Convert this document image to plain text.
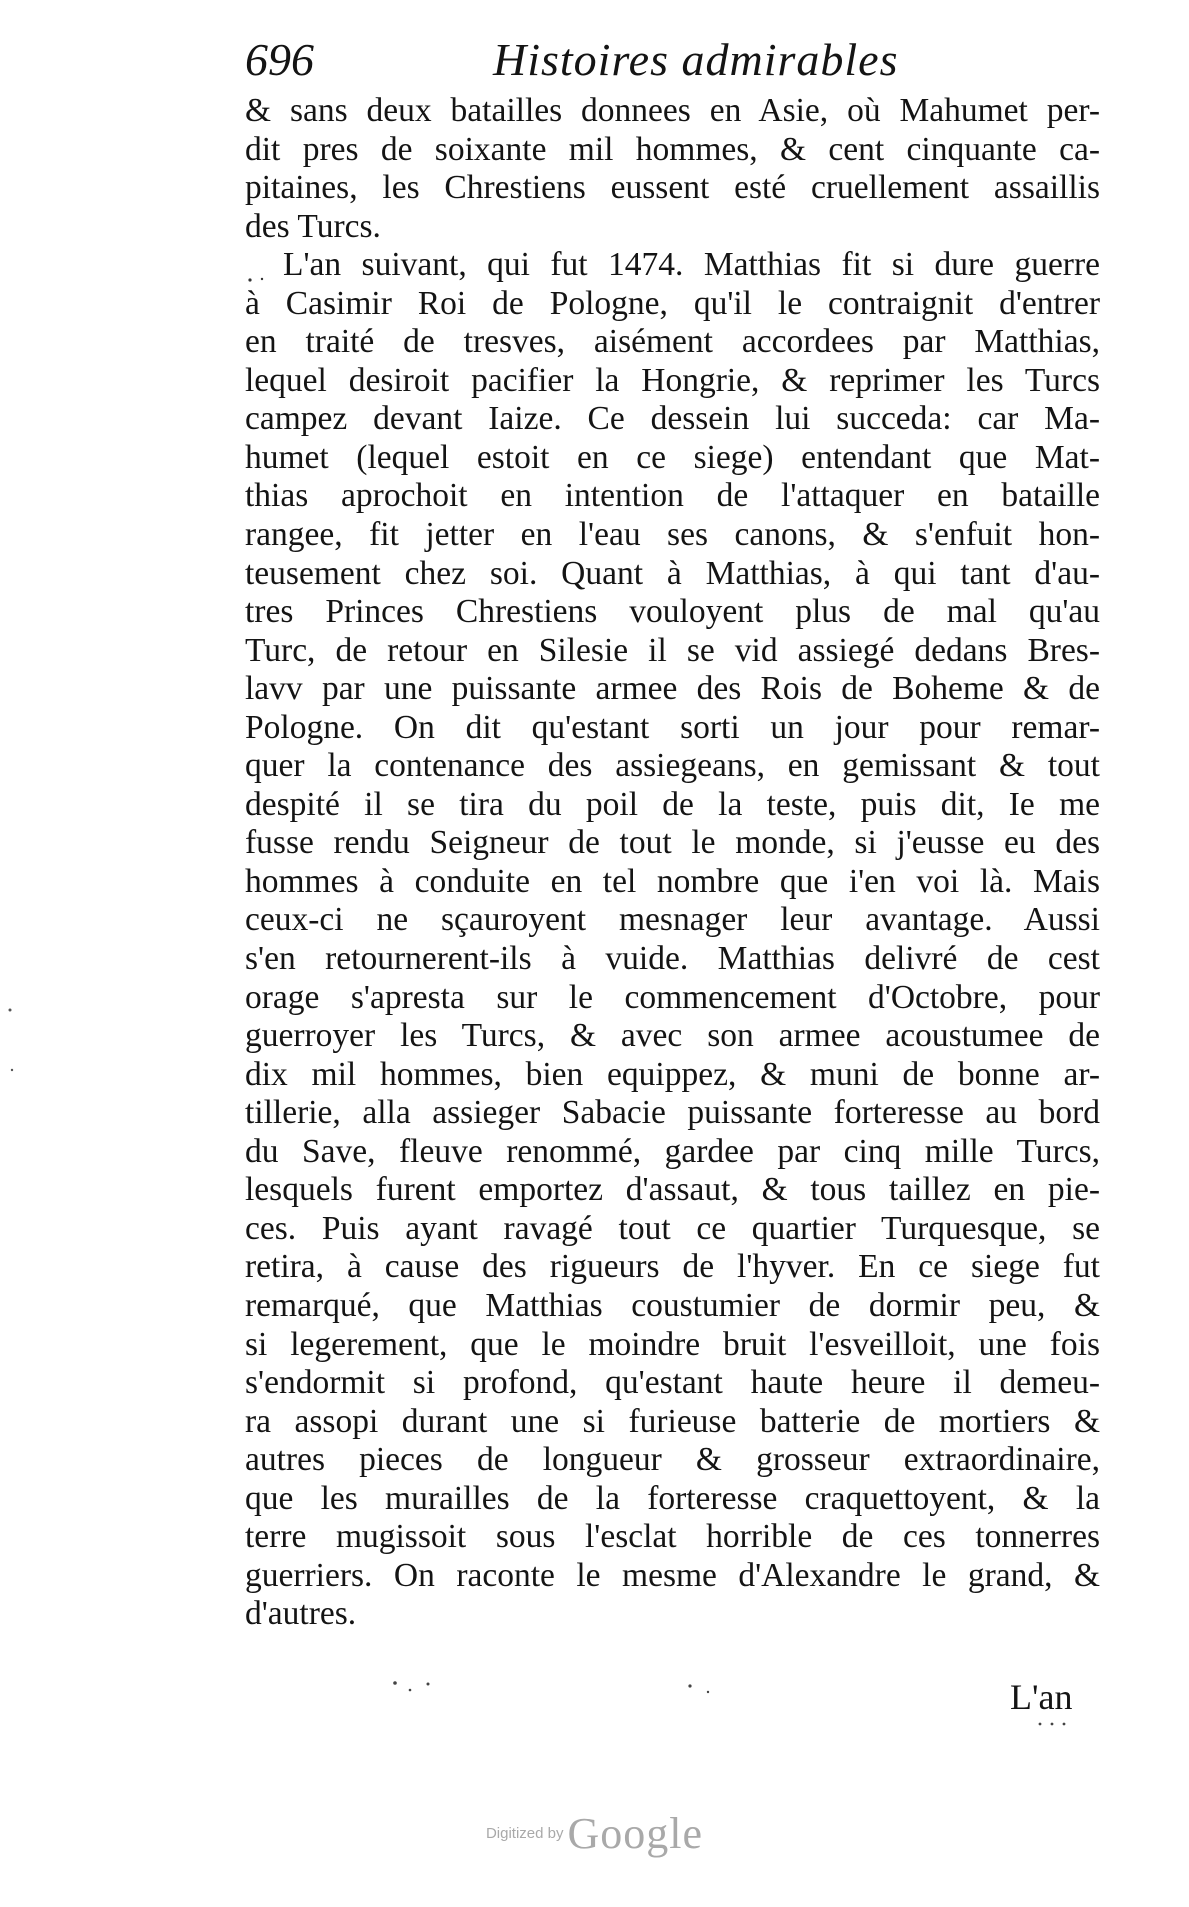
696	Histoires admirables
& sans deux batailles donnees en Asie, où Mahumet per-
dit pres de soixante mil hommes, & cent cinquante ca-
pitaines, les Chrestiens eussent esté cruellement assaillis
des Turcs.
L'an suivant, qui fut 1474. Matthias fit si dure guerre
à Casimir Roi de Pologne, qu'il le contraignit d'entrer
en traité de tresves, aisément accordees par Matthias,
lequel desiroit pacifier la Hongrie, & reprimer les Turcs
campez devant Iaize. Ce dessein lui succeda: car Ma-
humet (lequel estoit en ce siege) entendant que Mat-
thias aprochoit en intention de l'attaquer en bataille
rangee, fit jetter en l'eau ses canons, & s'enfuit hon-
teusement chez soi. Quant à Matthias, à qui tant d'au-
tres Princes Chrestiens vouloyent plus de mal qu'au
Turc, de retour en Silesie il se vid assiegé dedans Bres-
lavv par une puissante armee des Rois de Boheme & de
Pologne. On dit qu'estant sorti un jour pour remar-
quer la contenance des assiegeans, en gemissant & tout
despité il se tira du poil de la teste, puis dit, Ie me
fusse rendu Seigneur de tout le monde, si j'eusse eu des
hommes à conduite en tel nombre que i'en voi là. Mais
ceux-ci ne sçauroyent mesnager leur avantage. Aussi
s'en retournerent-ils à vuide. Matthias delivré de cest
orage s'apresta sur le commencement d'Octobre, pour
guerroyer les Turcs, & avec son armee acoustumee de
dix mil hommes, bien equippez, & muni de bonne ar-
tillerie, alla assieger Sabacie puissante forteresse au bord
du Save, fleuve renommé, gardee par cinq mille Turcs,
lesquels furent emportez d'assaut, & tous taillez en pie-
ces. Puis ayant ravagé tout ce quartier Turquesque, se
retira, à cause des rigueurs de l'hyver. En ce siege fut
remarqué, que Matthias coustumier de dormir peu, &
si legerement, que le moindre bruit l'esveilloit, une fois
s'endormit si profond, qu'estant haute heure il demeu-
ra assopi durant une si furieuse batterie de mortiers &
autres pieces de longueur & grosseur extraordinaire,
que les murailles de la forteresse craquettoyent, & la
terre mugissoit sous l'esclat horrible de ces tonnerres
guerriers. On raconte le mesme d'Alexandre le grand, &
d'autres.
L'an
Digitized by Google
